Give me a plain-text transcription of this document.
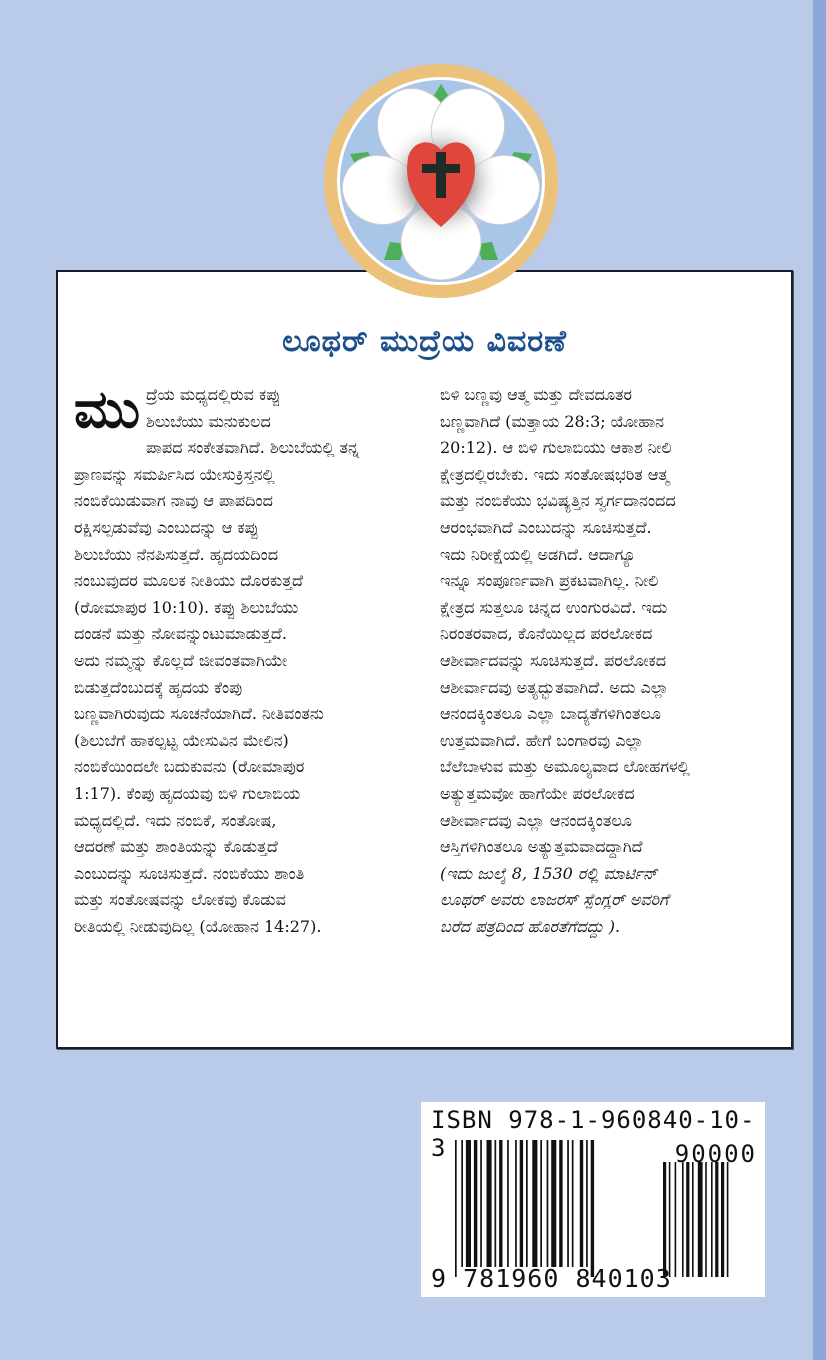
ಲೂಥರ್ ಮುದ್ರೆಯ ವಿವರಣೆ
ಮು ದ್ರೆಯ ಮಧ್ಯದಲ್ಲಿರುವ ಕಪ್ಪು
ಶಿಲುಬೆಯು ಮನುಕುಲದ
ಪಾಪದ ಸಂಕೇತವಾಗಿದೆ. ಶಿಲುಬೆಯಲ್ಲಿ ತನ್ನ
ಪ್ರಾಣವನ್ನು ಸಮರ್ಪಿಸಿದ ಯೇಸುಕ್ರಿಸ್ತನಲ್ಲಿ
ನಂಬಿಕೆಯಿಡುವಾಗ ನಾವು ಆ ಪಾಪದಿಂದ
ರಕ್ಷಿಸಲ್ಪಡುವೆವು ಎಂಬುದನ್ನು ಆ ಕಪ್ಪು
ಶಿಲುಬೆಯು ನೆನಪಿಸುತ್ತದೆ. ಹೃದಯದಿಂದ
ನಂಬುವುದರ ಮೂಲಕ ನೀತಿಯು ದೊರಕುತ್ತದೆ
(ರೋಮಾಪುರ 10:10). ಕಪ್ಪು ಶಿಲುಬೆಯು
ದಂಡನೆ ಮತ್ತು ನೋವನ್ನುಂಟುಮಾಡುತ್ತದೆ.
ಅದು ನಮ್ಮನ್ನು ಕೊಲ್ಲದೆ ಜೀವಂತವಾಗಿಯೇ
ಬಿಡುತ್ತದೆಂಬುದಕ್ಕೆ ಹೃದಯ ಕೆಂಪು
ಬಣ್ಣವಾಗಿರುವುದು ಸೂಚನೆಯಾಗಿದೆ. ನೀತಿವಂತನು
(ಶಿಲುಬೆಗೆ ಹಾಕಲ್ಪಟ್ಟ ಯೇಸುವಿನ ಮೇಲಿನ)
ನಂಬಿಕೆಯಿಂದಲೇ ಬದುಕುವನು (ರೋಮಾಪುರ
1:17). ಕೆಂಪು ಹೃದಯವು ಬಿಳಿ ಗುಲಾಬಿಯ
ಮಧ್ಯದಲ್ಲಿದೆ. ಇದು ನಂಬಿಕೆ, ಸಂತೋಷ,
ಆದರಣೆ ಮತ್ತು ಶಾಂತಿಯನ್ನು ಕೊಡುತ್ತದೆ
ಎಂಬುದನ್ನು ಸೂಚಿಸುತ್ತದೆ. ನಂಬಿಕೆಯು ಶಾಂತಿ
ಮತ್ತು ಸಂತೋಷವನ್ನು ಲೋಕವು ಕೊಡುವ
ರೀತಿಯಲ್ಲಿ ನೀಡುವುದಿಲ್ಲ (ಯೋಹಾನ 14:27).
ಬಿಳಿ ಬಣ್ಣವು ಆತ್ಮ ಮತ್ತು ದೇವದೂತರ
ಬಣ್ಣವಾಗಿದೆ (ಮತ್ತಾಯ 28:3; ಯೋಹಾನ
20:12). ಆ ಬಿಳಿ ಗುಲಾಬಿಯು ಆಕಾಶ ನೀಲಿ
ಕ್ಷೇತ್ರದಲ್ಲಿರಬೇಕು. ಇದು ಸಂತೋಷಭರಿತ ಆತ್ಮ
ಮತ್ತು ನಂಬಿಕೆಯು ಭವಿಷ್ಯತ್ತಿನ ಸ್ವರ್ಗದಾನಂದದ
ಆರಂಭವಾಗಿದೆ ಎಂಬುದನ್ನು ಸೂಚಿಸುತ್ತದೆ.
ಇದು ನಿರೀಕ್ಷೆಯಲ್ಲಿ ಅಡಗಿದೆ. ಆದಾಗ್ಯೂ
ಇನ್ನೂ ಸಂಪೂರ್ಣವಾಗಿ ಪ್ರಕಟವಾಗಿಲ್ಲ. ನೀಲಿ
ಕ್ಷೇತ್ರದ ಸುತ್ತಲೂ ಚಿನ್ನದ ಉಂಗುರವಿದೆ. ಇದು
ನಿರಂತರವಾದ, ಕೊನೆಯಿಲ್ಲದ ಪರಲೋಕದ
ಆಶೀರ್ವಾದವನ್ನು ಸೂಚಿಸುತ್ತದೆ. ಪರಲೋಕದ
ಆಶೀರ್ವಾದವು ಅತ್ಯದ್ಭುತವಾಗಿದೆ. ಅದು ಎಲ್ಲಾ
ಆನಂದಕ್ಕಿಂತಲೂ ಎಲ್ಲಾ ಬಾದ್ಯತೆಗಳಿಗಿಂತಲೂ
ಉತ್ತಮವಾಗಿದೆ. ಹೇಗೆ ಬಂಗಾರವು ಎಲ್ಲಾ
ಬೆಲೆಬಾಳುವ ಮತ್ತು ಅಮೂಲ್ಯವಾದ ಲೋಹಗಳಲ್ಲಿ
ಅತ್ಯುತ್ತಮವೋ ಹಾಗೆಯೇ ಪರಲೋಕದ
ಆಶೀರ್ವಾದವು ಎಲ್ಲಾ ಆನಂದಕ್ಕಿಂತಲೂ
ಆಸ್ತಿಗಳಿಗಿಂತಲೂ ಅತ್ಯುತ್ತಮವಾದದ್ದಾಗಿದೆ
(ಇದು ಜುಲೈ 8, 1530 ರಲ್ಲಿ ಮಾರ್ಟಿನ್
ಲೂಥರ್ ಅವರು ಲಾಜರಸ್ ಸ್ಪೆಂಗ್ಲರ್ ಅವರಿಗೆ
ಬರೆದ ಪತ್ರದಿಂದ ಹೊರತೆಗೆದದ್ದು ).
ISBN 978-1-960840-10-3	90000
9 781960 840103
